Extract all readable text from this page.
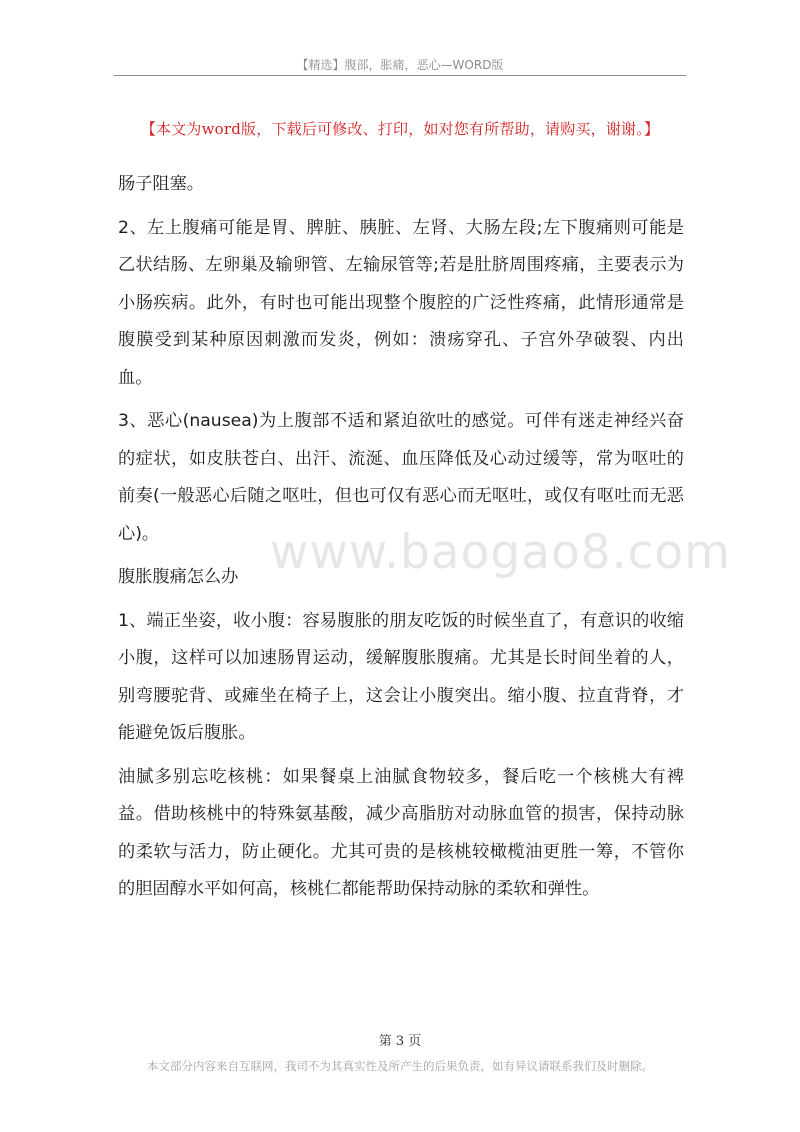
【精选】腹部，胀痛，恶心—WORD版
【本文为word版，下载后可修改、打印，如对您有所帮助，请购买，谢谢。】

肠子阻塞。

2、左上腹痛可能是胃、脾脏、胰脏、左肾、大肠左段;左下腹痛则可能是乙状结肠、左卵巢及输卵管、左输尿管等;若是肚脐周围疼痛，主要表示为小肠疾病。此外，有时也可能出现整个腹腔的广泛性疼痛，此情形通常是腹膜受到某种原因刺激而发炎，例如：溃疡穿孔、子宫外孕破裂、内出血。

3、恶心(nausea)为上腹部不适和紧迫欲吐的感觉。可伴有迷走神经兴奋的症状，如皮肤苍白、出汗、流涎、血压降低及心动过缓等，常为呕吐的前奏(一般恶心后随之呕吐，但也可仅有恶心而无呕吐，或仅有呕吐而无恶心)。

腹胀腹痛怎么办

1、端正坐姿，收小腹：容易腹胀的朋友吃饭的时候坐直了，有意识的收缩小腹，这样可以加速肠胃运动，缓解腹胀腹痛。尤其是长时间坐着的人，别弯腰驼背、或瘫坐在椅子上，这会让小腹突出。缩小腹、拉直背脊，才能避免饭后腹胀。

油腻多别忘吃核桃：如果餐桌上油腻食物较多，餐后吃一个核桃大有裨益。借助核桃中的特殊氨基酸，减少高脂肪对动脉血管的损害，保持动脉的柔软与活力，防止硬化。尤其可贵的是核桃较橄榄油更胜一筹，不管你的胆固醇水平如何高，核桃仁都能帮助保持动脉的柔软和弹性。

www.baogao8.com
第 3 页
本文部分内容来自互联网，我司不为其真实性及所产生的后果负责，如有异议请联系我们及时删除。
